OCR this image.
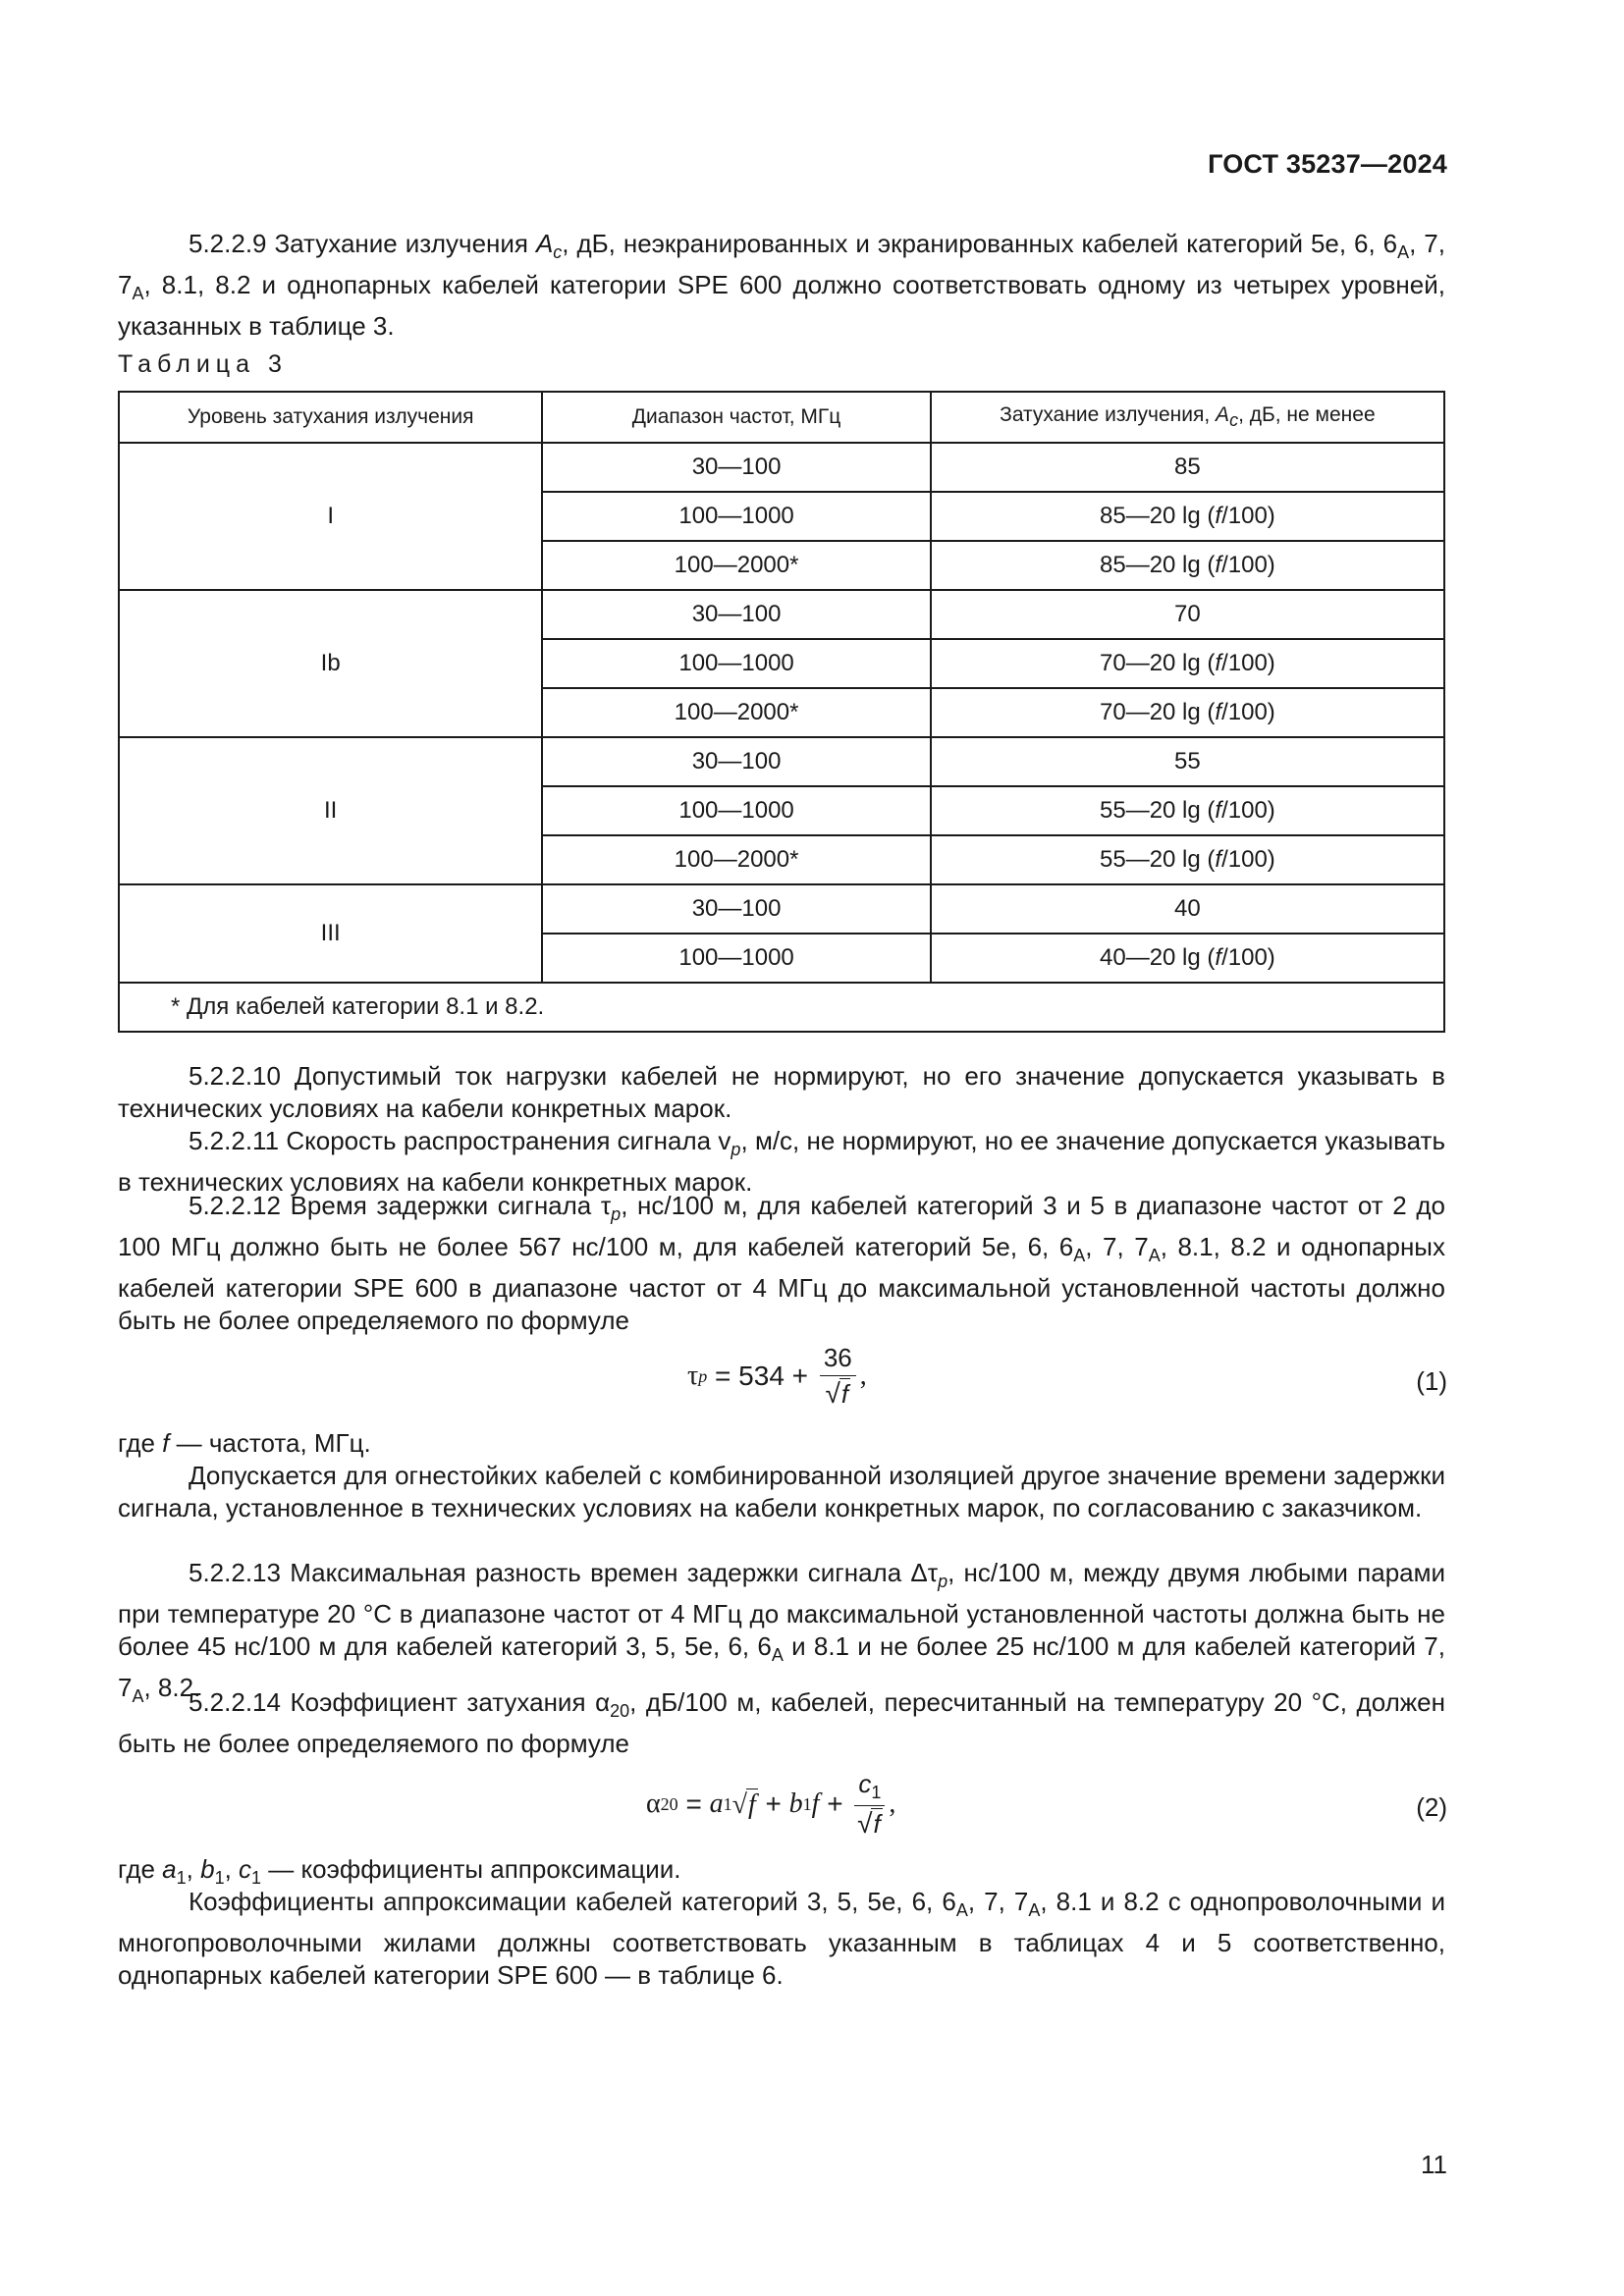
ГОСТ 35237—2024
5.2.2.9 Затухание излучения $A_c$, дБ, неэкранированных и экранированных кабелей категорий 5е, 6, $6_A$, 7, $7_A$, 8.1, 8.2 и однопарных кабелей категории SPE 600 должно соответствовать одному из четырех уровней, указанных в таблице 3.
Таблица 3
Уровень затухания излучения	Диапазон частот, МГц	Затухание излучения, $A_c$, дБ, не менее
I	30—100	85
	100—1000	85—20 lg (f/100)
	100—2000*	85—20 lg (f/100)
Ib	30—100	70
	100—1000	70—20 lg (f/100)
	100—2000*	70—20 lg (f/100)
II	30—100	55
	100—1000	55—20 lg (f/100)
	100—2000*	55—20 lg (f/100)
III	30—100	40
	100—1000	40—20 lg (f/100)
* Для кабелей категории 8.1 и 8.2.		
5.2.2.10 Допустимый ток нагрузки кабелей не нормируют, но его значение допускается указывать в технических условиях на кабели конкретных марок.
5.2.2.11 Скорость распространения сигнала $v_p$, м/с, не нормируют, но ее значение допускается указывать в технических условиях на кабели конкретных марок.
5.2.2.12 Время задержки сигнала $\tau_p$, нс/100 м, для кабелей категорий 3 и 5 в диапазоне частот от 2 до 100 МГц должно быть не более 567 нс/100 м, для кабелей категорий 5е, 6, $6_A$, 7, $7_A$, 8.1, 8.2 и однопарных кабелей категории SPE 600 в диапазоне частот от 4 МГц до максимальной установленной частоты должно быть не более определяемого по формуле
τ $p = 534 + \frac{36}{√ f}$ ,	(1)
где f — частота, МГц.
Допускается для огнестойких кабелей с комбинированной изоляцией другое значение времени задержки сигнала, установленное в технических условиях на кабели конкретных марок, по согласованию с заказчиком.
5.2.2.13 Максимальная разность времен задержки сигнала $\Delta\tau_p$, нс/100 м, между двумя любыми парами при температуре 20 °С в диапазоне частот от 4 МГц до максимальной установленной частоты должна быть не более 45 нс/100 м для кабелей категорий 3, 5, 5е, 6, $6_A$ и 8.1 и не более 25 нс/100 м для кабелей категорий 7, $7_A$, 8.2.
5.2.2.14 Коэффициент затухания $\alpha_{20}$, дБ/100 м, кабелей, пересчитанный на температуру 20 °С, должен быть не более определяемого по формуле
α 20 = a 1 √ f + b 1 $f + \frac{c_1}{√ f}$ ,	(2)
где $a_1$, $b_1$, $c_1$ — коэффициенты аппроксимации.
Коэффициенты аппроксимации кабелей категорий 3, 5, 5е, 6, $6_A$, 7, $7_A$, 8.1 и 8.2 с однопроволочными и многопроволочными жилами должны соответствовать указанным в таблицах 4 и 5 соответственно, однопарных кабелей категории SPE 600 — в таблице 6.
11
